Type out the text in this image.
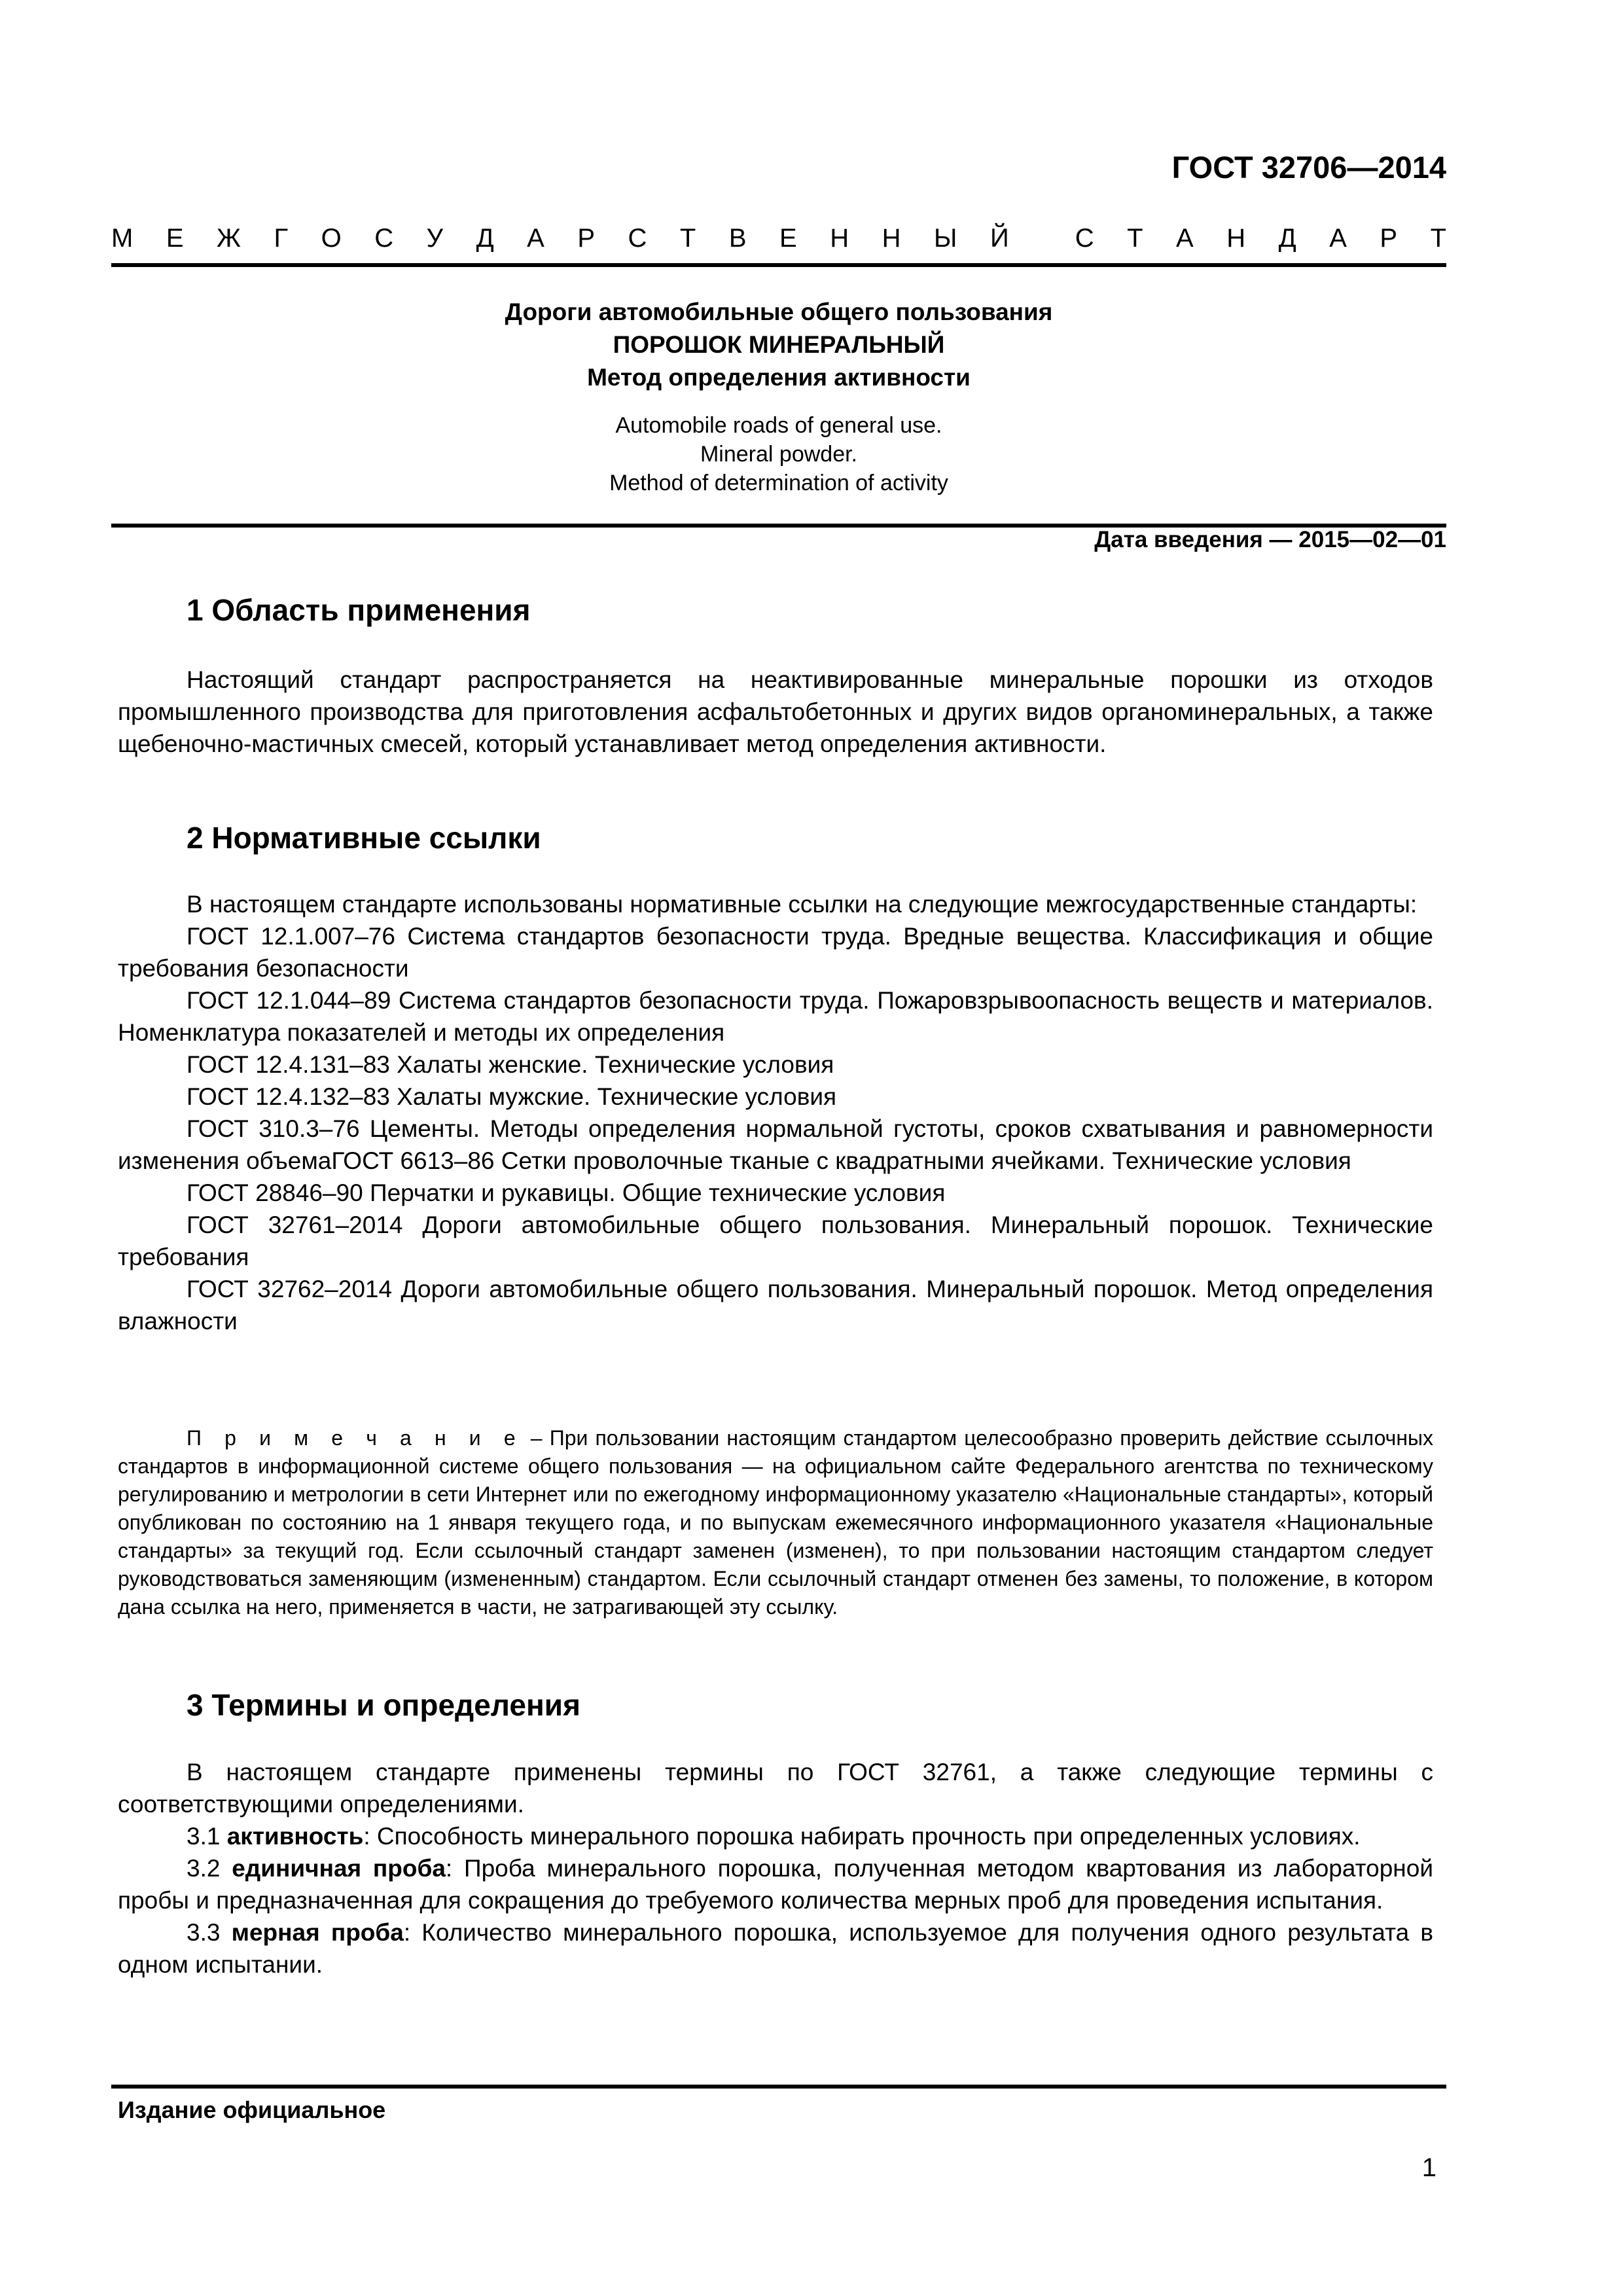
ГОСТ 32706—2014
М Е Ж Г О С У Д А Р С Т В Е Н Н Ы Й	С Т А Н Д А Р Т
Дороги автомобильные общего пользования
ПОРОШОК МИНЕРАЛЬНЫЙ
Метод определения активности
Automobile roads of general use.
Mineral powder.
Method of determination of activity
Дата введения — 2015—02—01
1 Область применения
Настоящий стандарт распространяется на неактивированные минеральные порошки из отходов промышленного производства для приготовления асфальтобетонных и других видов органоминеральных, а также щебеночно-мастичных смесей, который устанавливает метод определения активности.
2 Нормативные ссылки
В настоящем стандарте использованы нормативные ссылки на следующие межгосударственные стандарты:
ГОСТ 12.1.007–76 Система стандартов безопасности труда. Вредные вещества. Классификация и общие требования безопасности
ГОСТ 12.1.044–89 Система стандартов безопасности труда. Пожаровзрывоопасность веществ и материалов. Номенклатура показателей и методы их определения
ГОСТ 12.4.131–83 Халаты женские. Технические условия
ГОСТ 12.4.132–83 Халаты мужские. Технические условия
ГОСТ 310.3–76 Цементы. Методы определения нормальной густоты, сроков схватывания и равномерности изменения объемаГОСТ 6613–86 Сетки проволочные тканые с квадратными ячейками. Технические условия
ГОСТ 28846–90 Перчатки и рукавицы. Общие технические условия
ГОСТ 32761–2014 Дороги автомобильные общего пользования. Минеральный порошок. Технические требования
ГОСТ 32762–2014 Дороги автомобильные общего пользования. Минеральный порошок. Метод определения влажности
П р и м е ч а н и е – При пользовании настоящим стандартом целесообразно проверить действие ссылочных стандартов в информационной системе общего пользования — на официальном сайте Федерального агентства по техническому регулированию и метрологии в сети Интернет или по ежегодному информационному указателю «Национальные стандарты», который опубликован по состоянию на 1 января текущего года, и по выпускам ежемесячного информационного указателя «Национальные стандарты» за текущий год. Если ссылочный стандарт заменен (изменен), то при пользовании настоящим стандартом следует руководствоваться заменяющим (измененным) стандартом. Если ссылочный стандарт отменен без замены, то положение, в котором дана ссылка на него, применяется в части, не затрагивающей эту ссылку.
3 Термины и определения
В настоящем стандарте применены термины по ГОСТ 32761, а также следующие термины с соответствующими определениями.
3.1 активность: Способность минерального порошка набирать прочность при определенных условиях.
3.2 единичная проба: Проба минерального порошка, полученная методом квартования из лабораторной пробы и предназначенная для сокращения до требуемого количества мерных проб для проведения испытания.
3.3 мерная проба: Количество минерального порошка, используемое для получения одного результата в одном испытании.
Издание официальное
1
